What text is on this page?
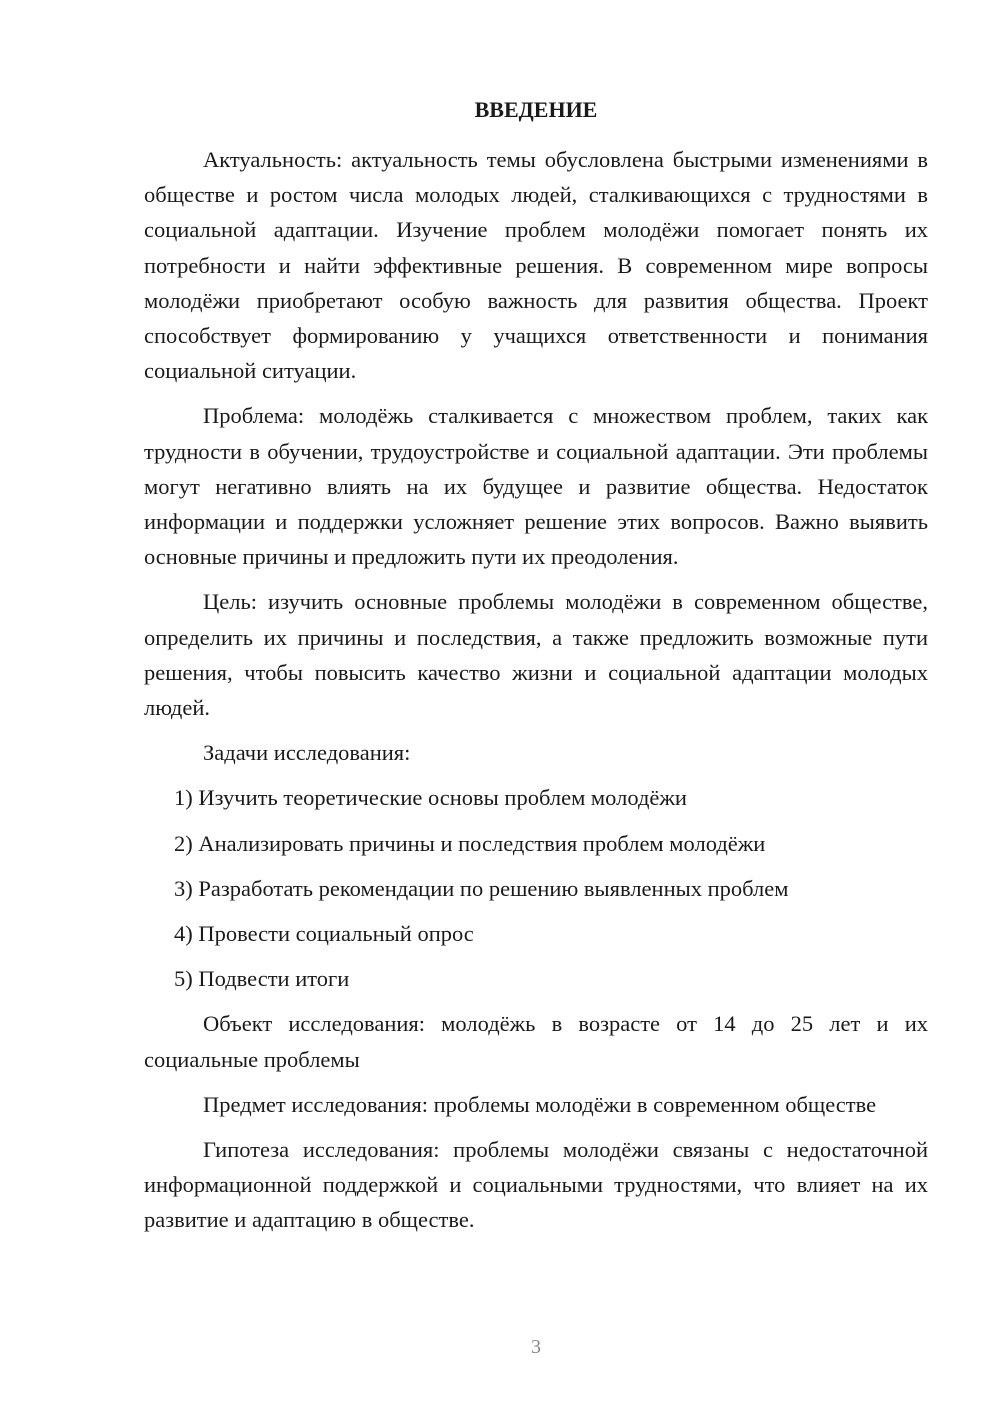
ВВЕДЕНИЕ

Актуальность: актуальность темы обусловлена быстрыми изменениями в обществе и ростом числа молодых людей, сталкивающихся с трудностями в социальной адаптации. Изучение проблем молодёжи помогает понять их потребности и найти эффективные решения. В современном мире вопросы молодёжи приобретают особую важность для развития общества. Проект способствует формированию у учащихся ответственности и понимания социальной ситуации.

Проблема: молодёжь сталкивается с множеством проблем, таких как трудности в обучении, трудоустройстве и социальной адаптации. Эти проблемы могут негативно влиять на их будущее и развитие общества. Недостаток информации и поддержки усложняет решение этих вопросов. Важно выявить основные причины и предложить пути их преодоления.

Цель: изучить основные проблемы молодёжи в современном обществе, определить их причины и последствия, а также предложить возможные пути решения, чтобы повысить качество жизни и социальной адаптации молодых людей.

Задачи исследования:

1) Изучить теоретические основы проблем молодёжи

2) Анализировать причины и последствия проблем молодёжи

3) Разработать рекомендации по решению выявленных проблем

4) Провести социальный опрос

5) Подвести итоги

Объект исследования: молодёжь в возрасте от 14 до 25 лет и их социальные проблемы

Предмет исследования: проблемы молодёжи в современном обществе

Гипотеза исследования: проблемы молодёжи связаны с недостаточной информационной поддержкой и социальными трудностями, что влияет на их развитие и адаптацию в обществе.

3
